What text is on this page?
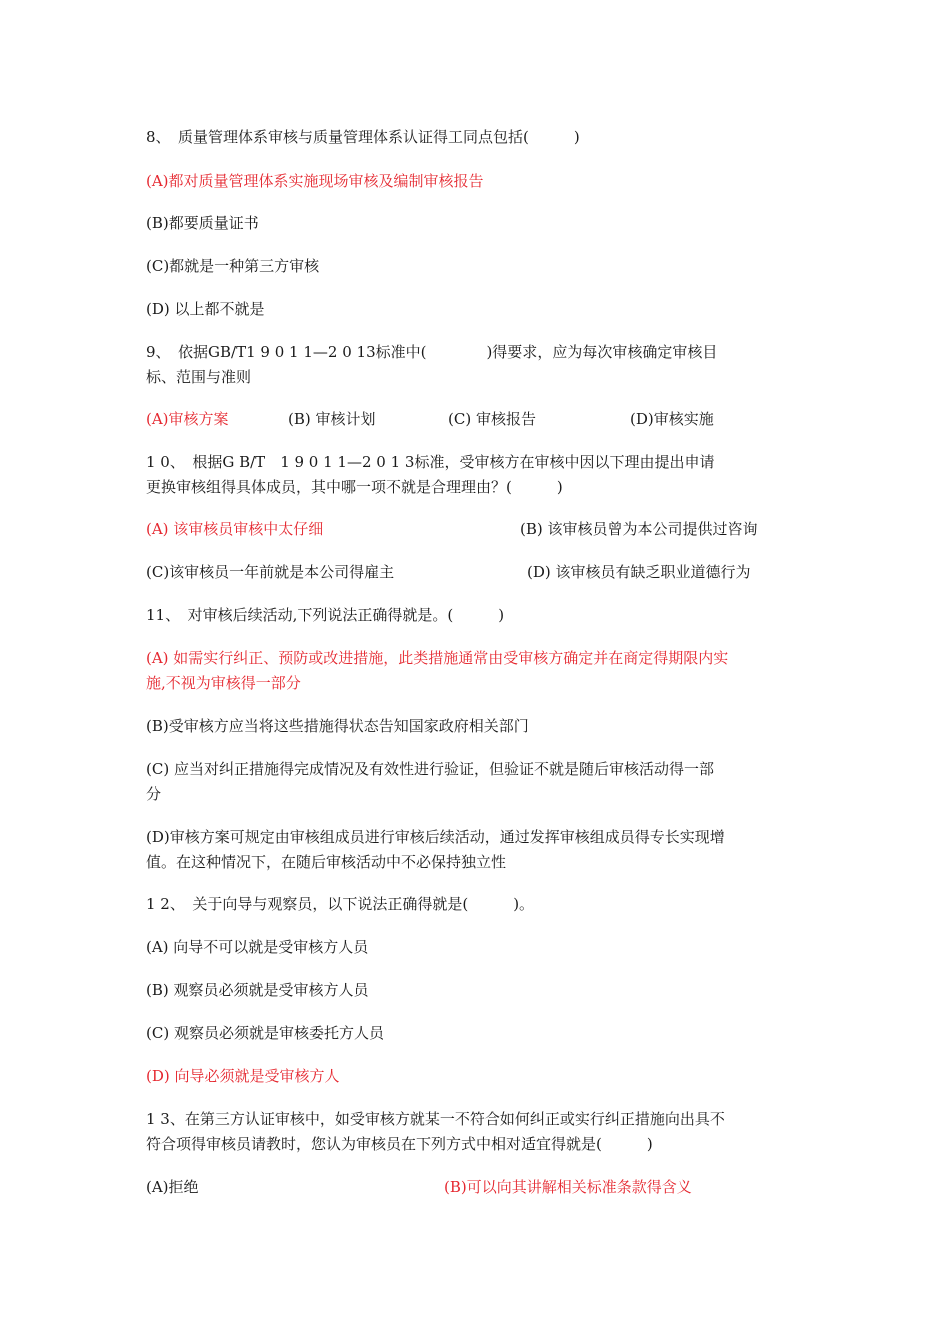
8、　质量管理体系审核与质量管理体系认证得工同点包括(　　　)
(A)都对质量管理体系实施现场审核及编制审核报告
(B)都要质量证书
(C)都就是一种第三方审核
(D) 以上都不就是
9、　依据GB/T1 9 0 1 1—2 0 13标准中(　　　　)得要求，应为每次审核确定审核目
标、范围与准则
(A)审核方案	(B) 审核计划	(C) 审核报告	(D)审核实施
1 0、　根据G B/T　1 9 0 1 1—2 0 1 3标准，受审核方在审核中因以下理由提出申请
更换审核组得具体成员，其中哪一项不就是合理理由？(　　　)
(A) 该审核员审核中太仔细	(B) 该审核员曾为本公司提供过咨询
(C)该审核员一年前就是本公司得雇主	(D) 该审核员有缺乏职业道德行为
11、　对审核后续活动,下列说法正确得就是。(　　　)
(A) 如需实行纠正、预防或改进措施，此类措施通常由受审核方确定并在商定得期限内实
施,不视为审核得一部分
(B)受审核方应当将这些措施得状态告知国家政府相关部门
(C) 应当对纠正措施得完成情况及有效性进行验证，但验证不就是随后审核活动得一部
分
(D)审核方案可规定由审核组成员进行审核后续活动，通过发挥审核组成员得专长实现增
值。在这种情况下，在随后审核活动中不必保持独立性
1 2、　关于向导与观察员，以下说法正确得就是(　　　)。
(A) 向导不可以就是受审核方人员
(B) 观察员必须就是受审核方人员
(C) 观察员必须就是审核委托方人员
(D) 向导必须就是受审核方人
1 3、在第三方认证审核中，如受审核方就某一不符合如何纠正或实行纠正措施向出具不
符合项得审核员请教时，您认为审核员在下列方式中相对适宜得就是(　　　)
(A)拒绝	(B)可以向其讲解相关标准条款得含义
